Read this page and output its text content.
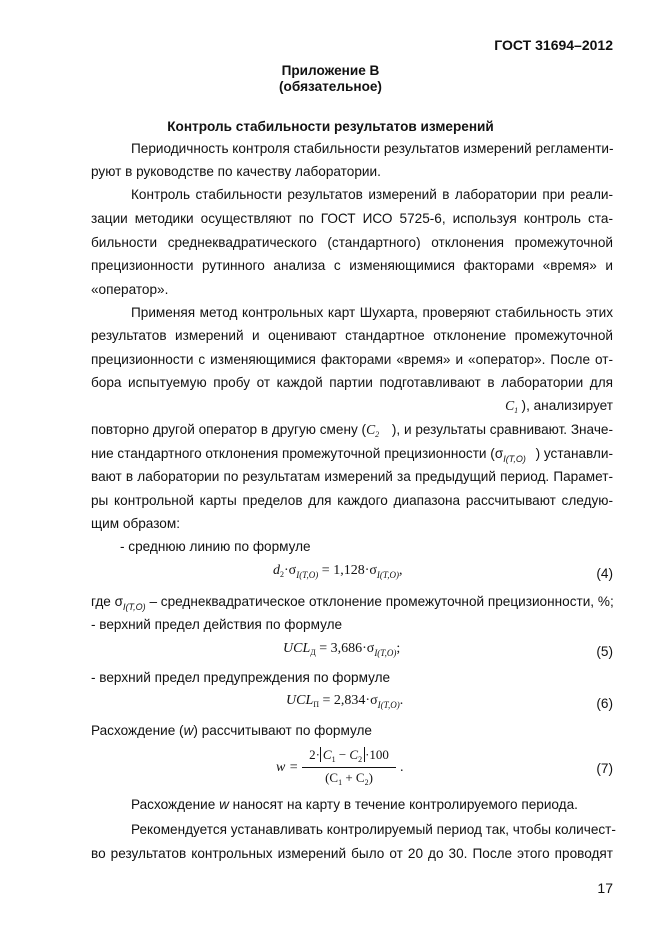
ГОСТ 31694–2012
Приложение В
(обязательное)
Контроль стабильности результатов измерений
Периодичность контроля стабильности результатов измерений регламенти-
руют в руководстве по качеству лаборатории.
Контроль стабильности результатов измерений в лаборатории при реали-
зации методики осуществляют по ГОСТ ИСО 5725-6, используя контроль ста-
бильности среднеквадратического (стандартного) отклонения промежуточной
прецизионности рутинного анализа с изменяющимися факторами «время» и
«оператор».
Применяя метод контрольных карт Шухарта, проверяют стабильность этих
результатов измерений и оценивают стандартное отклонение промежуточной
прецизионности с изменяющимися факторами «время» и «оператор». После от-
бора испытуемую пробу от каждой партии подготавливают в лаборатории для
$C_1$ ), анализирует
повторно другой оператор в другую смену ($C_2$ ), и результаты сравнивают. Значе-
ние стандартного отклонения промежуточной прецизионности ($\sigma_{I(T,O)}$ ) устанавли-
вают в лаборатории по результатам измерений за предыдущий период. Парамет-
ры контрольной карты пределов для каждого диапазона рассчитывают следую-
щим образом:
- среднюю линию по формуле
$d_2\cdot\sigma_{I(T,O)} = 1,128\cdot\sigma_{I(T,O)}$,	(4)
где $\sigma_{I(T,O)}$ – среднеквадратическое отклонение промежуточной прецизионности, %;
- верхний предел действия по формуле
$UCL_Д = 3,686\cdot\sigma_{I(T,O)}$;	(5)
- верхний предел предупреждения по формуле
$UCL_П = 2,834\cdot\sigma_{I(T,O)}$.	(6)
Расхождение (w) рассчитывают по формуле
w =
$2\cdot C_1 - C_2 \cdot 100$
$(C_1 + C_2)$
.	(7)
Расхождение w наносят на карту в течение контролируемого периода.
Рекомендуется устанавливать контролируемый период так, чтобы количест-
во результатов контрольных измерений было от 20 до 30. После этого проводят
17
